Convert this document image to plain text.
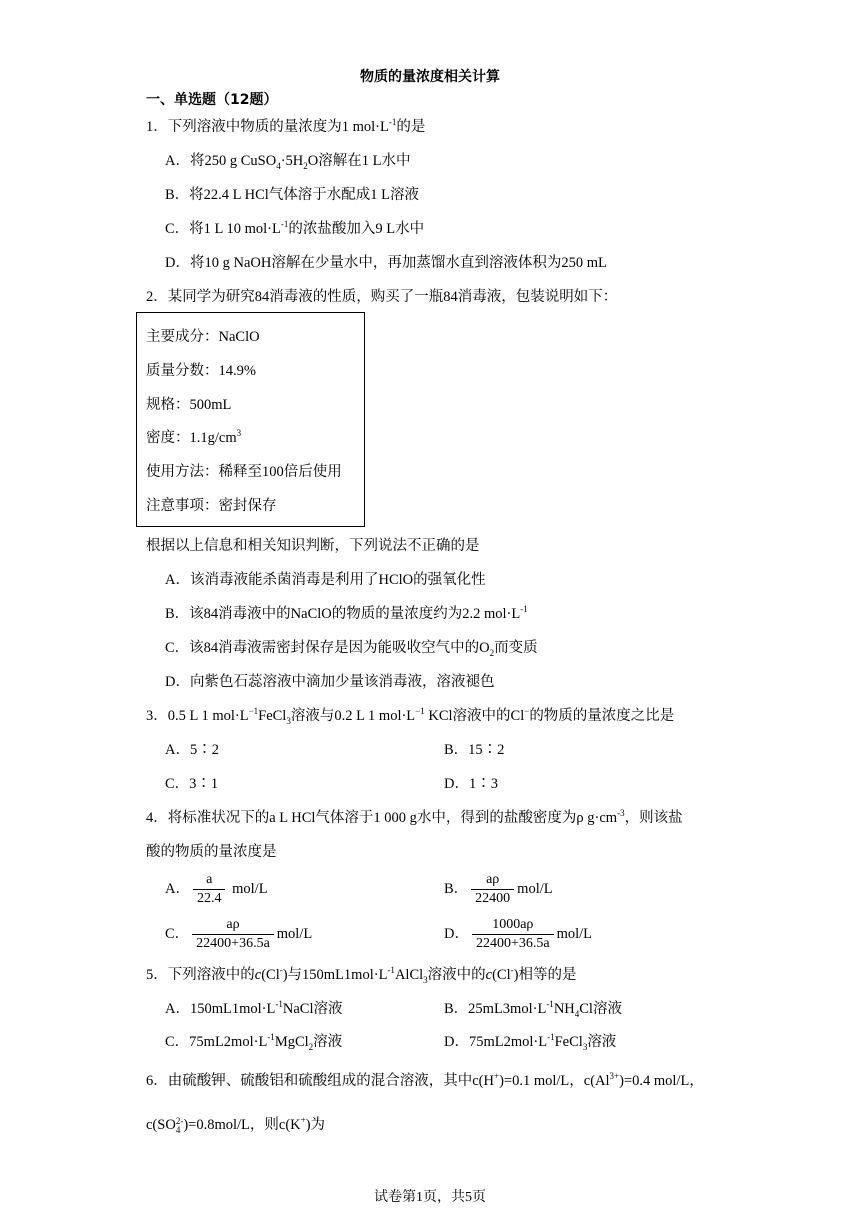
物质的量浓度相关计算
一、单选题（12题）
1．下列溶液中物质的量浓度为1 $mol\cdot L^{-1}$的是
A．将250 g $CuSO_4\cdot 5H_2O$溶解在1 L水中
B．将22.4 L HCl气体溶于水配成1 L溶液
C．将1 L 10 $mol\cdot L^{-1}$的浓盐酸加入9 L水中
D．将10 g NaOH溶解在少量水中，再加蒸馏水直到溶液体积为250 mL
2．某同学为研究84消毒液的性质，购买了一瓶84消毒液，包装说明如下：
主要成分：NaClO
质量分数：14.9%
规格：500mL
密度：$1.1g/cm^3$
使用方法：稀释至100倍后使用
注意事项：密封保存
根据以上信息和相关知识判断，下列说法不正确的是
A．该消毒液能杀菌消毒是利用了HClO的强氧化性
B．该84消毒液中的NaClO的物质的量浓度约为2.2 $mol\cdot L^{-1}$
C．该84消毒液需密封保存是因为能吸收空气中的$O_2$而变质
D．向紫色石蕊溶液中滴加少量该消毒液，溶液褪色
3．0.5 L 1 $mol\cdot L^{-1}FeCl_3$溶液与0.2 L 1 $mol\cdot L^{-1}$ KCl溶液中的Cl−的物质的量浓度之比是
A．5∶2	B．15∶2
C．3∶1	D．1∶3
4．将标准状况下的a L HCl气体溶于1 000 g水中，得到的盐酸密度为ρ $g\cdot cm^{-3}$，则该盐
酸的物质的量浓度是
A． $\frac{a}{22.4} mol/L$	B． $\frac{a\rho}{22400} mol/L$
C． $\frac{a\rho}{22400+36.5a} mol/L$	D． $\frac{1000a\rho}{22400+36.5a} mol/L$
5．下列溶液中的c(Cl-)与$150mL1mol\cdot L^{-1}AlCl_3$溶液中的c(Cl-)相等的是
A．$150mL1mol\cdot L^{-1}NaCl$溶液	B．$25mL3mol\cdot L^{-1}NH_4Cl$溶液
C．$75mL2mol\cdot L^{-1}MgCl_2$溶液	D．$75mL2mol\cdot L^{-1}FeCl_3$溶液
6．由硫酸钾、硫酸铝和硫酸组成的混合溶液，其中c(H+)=0.1 mol/L，$c(Al^{3+})=0.4$ mol/L，
c(SO 2-
4 )=0.8mol/L，则c(K+)为
试卷第1页，共5页
